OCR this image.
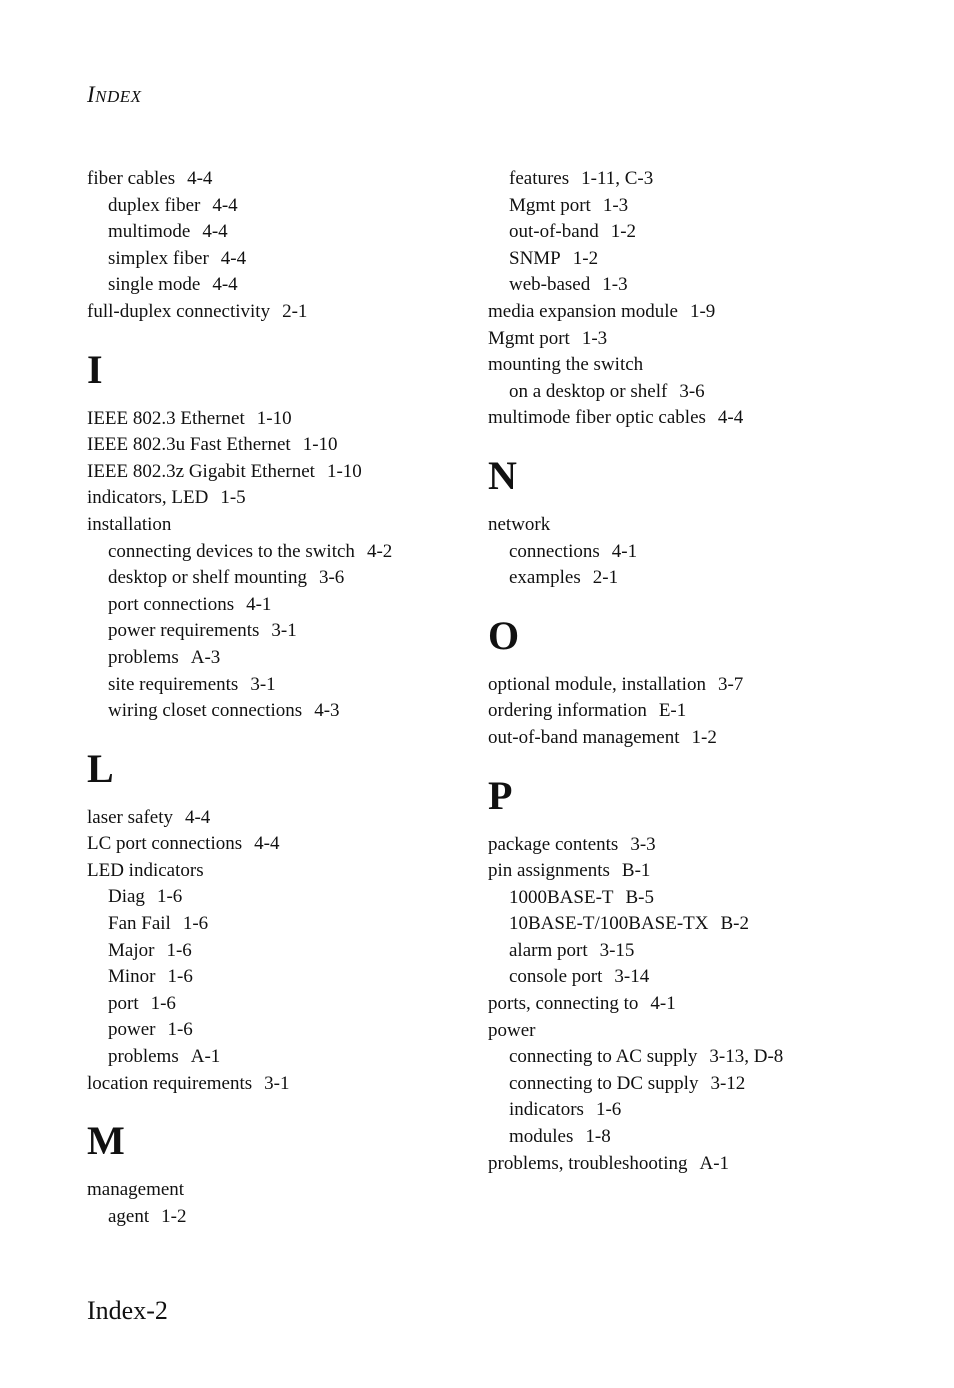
INDEX
fiber cables 4-4
duplex fiber 4-4
multimode 4-4
simplex fiber 4-4
single mode 4-4
full-duplex connectivity 2-1
I
IEEE 802.3 Ethernet 1-10
IEEE 802.3u Fast Ethernet 1-10
IEEE 802.3z Gigabit Ethernet 1-10
indicators, LED 1-5
installation
connecting devices to the switch 4-2
desktop or shelf mounting 3-6
port connections 4-1
power requirements 3-1
problems A-3
site requirements 3-1
wiring closet connections 4-3
L
laser safety 4-4
LC port connections 4-4
LED indicators
Diag 1-6
Fan Fail 1-6
Major 1-6
Minor 1-6
port 1-6
power 1-6
problems A-1
location requirements 3-1
M
management
agent 1-2
features 1-11, C-3
Mgmt port 1-3
out-of-band 1-2
SNMP 1-2
web-based 1-3
media expansion module 1-9
Mgmt port 1-3
mounting the switch
on a desktop or shelf 3-6
multimode fiber optic cables 4-4
N
network
connections 4-1
examples 2-1
O
optional module, installation 3-7
ordering information E-1
out-of-band management 1-2
P
package contents 3-3
pin assignments B-1
1000BASE-T B-5
10BASE-T/100BASE-TX B-2
alarm port 3-15
console port 3-14
ports, connecting to 4-1
power
connecting to AC supply 3-13, D-8
connecting to DC supply 3-12
indicators 1-6
modules 1-8
problems, troubleshooting A-1
Index-2
